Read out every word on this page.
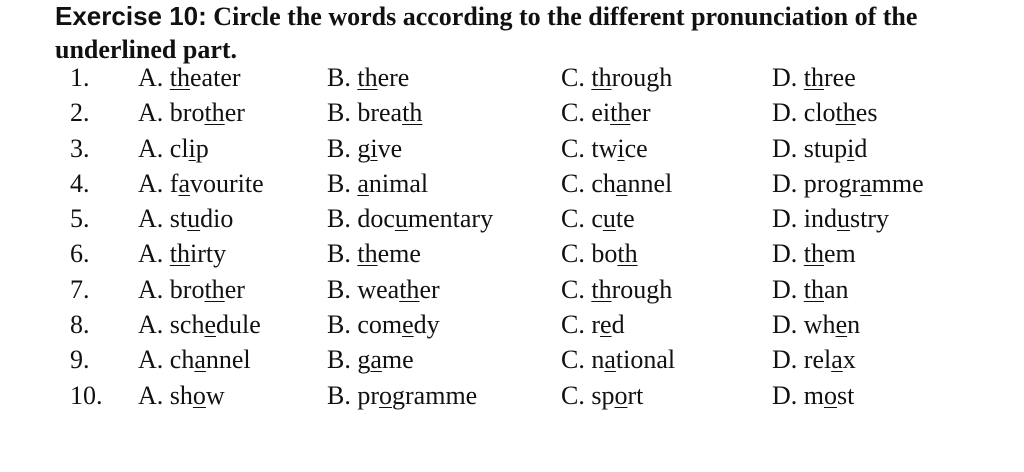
Exercise 10: Circle the words according to the different pronunciation of the underlined part.
1. A. theater	B. there	C. through	D. three
2. A. brother	B. breath	C. either	D. clothes
3. A. clip	B. give	C. twice	D. stupid
4. A. favourite B. animal	C. channel	D. programme
5. A. studio	B. documentary	C. cute	D. industry
6. A. thirty	B. theme	C. both	D. them
7. A. brother	B. weather	C. through	D. than
8. A. schedule	B. comedy	C. red	D. when
9. A. channel	B. game	C. national	D. relax
10. A. show	B. programme	C. sport	D. most
